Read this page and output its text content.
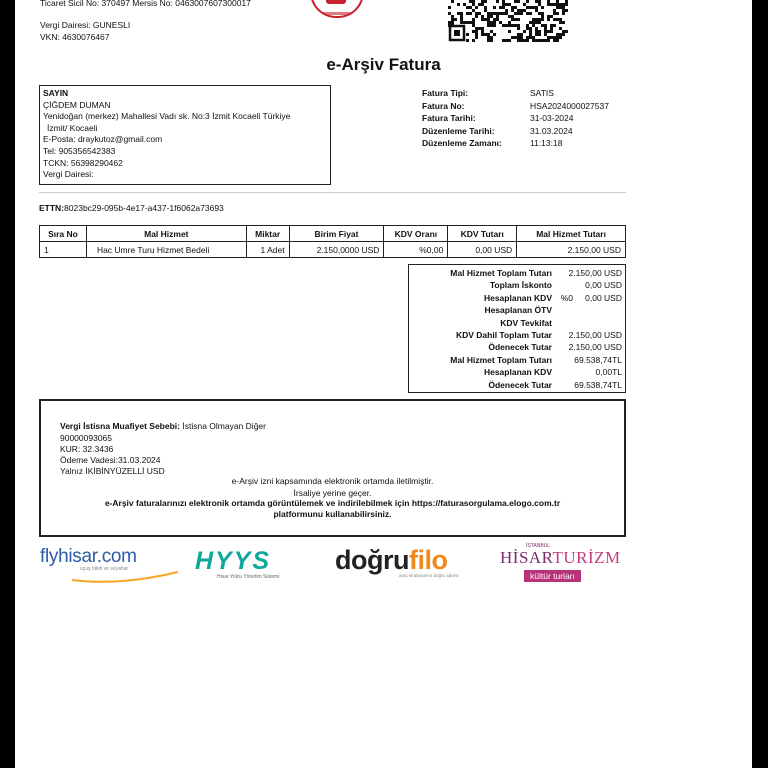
Ticaret Sicil No: 370497 Mersis No: 0463007607300017
Vergi Dairesi: GUNESLI
VKN: 4630076467
e-Arşiv Fatura
SAYIN
ÇİĞDEM DUMAN
Yenidoğan (merkez) Mahallesi Vadı sk. No:3 İzmit Kocaeli Türkiye
İzmit/ Kocaeli
E-Posta: draykutoz@gmail.com
Tel: 905356542383
TCKN: 56398290462
Vergi Dairesi:
Fatura Tipi:	SATIS
Fatura No:	HSA2024000027537
Fatura Tarihi:	31-03-2024
Düzenleme Tarihi:	31.03.2024
Düzenleme Zamanı:	11:13:18
ETTN:8023bc29-095b-4e17-a437-1f6062a73693
Sıra No	Mal Hizmet	Miktar	Birim Fiyat	KDV Oranı	KDV Tutarı	Mal Hizmet Tutarı
1	Hac Umre Turu Hizmet Bedeli	1 Adet	2.150,0000 USD	%0,00	0,00 USD	2.150,00 USD
Mal Hizmet Toplam Tutarı 2.150,00 USD
Toplam İskonto	0,00 USD
Hesaplanan KDV %0 0,00 USD
Hesaplanan ÖTV
KDV Tevkifat
KDV Dahil Toplam Tutar 2.150,00 USD
Ödenecek Tutar 2.150,00 USD
Mal Hizmet Toplam Tutarı	69.538,74TL
Hesaplanan KDV	0,00TL
Ödenecek Tutar	69.538,74TL
Vergi İstisna Muafiyet Sebebi: İstisna Olmayan Diğer
90000093065
KUR: 32.3436
Ödeme Vadesi:31.03.2024
Yalnız İKİBİNYÜZELLİ USD
e-Arşiv izni kapsamında elektronik ortamda iletilmiştir.
İrsaliye yerine geçer.
e-Arşiv faturalarınızı elektronik ortamda görüntülemek ve indirilebilmek için https://faturasorgulama.elogo.com.tr
platformunu kullanabilirsiniz.
flyhisar.com
uçuş bileti ve seyahat	HYYS
Hisar Yolcu Yönetim Sistemi
doğrufilo
araç kiralamanın doğru adresi
İSTANBUL
HİSARTURİZM
kültür turları
